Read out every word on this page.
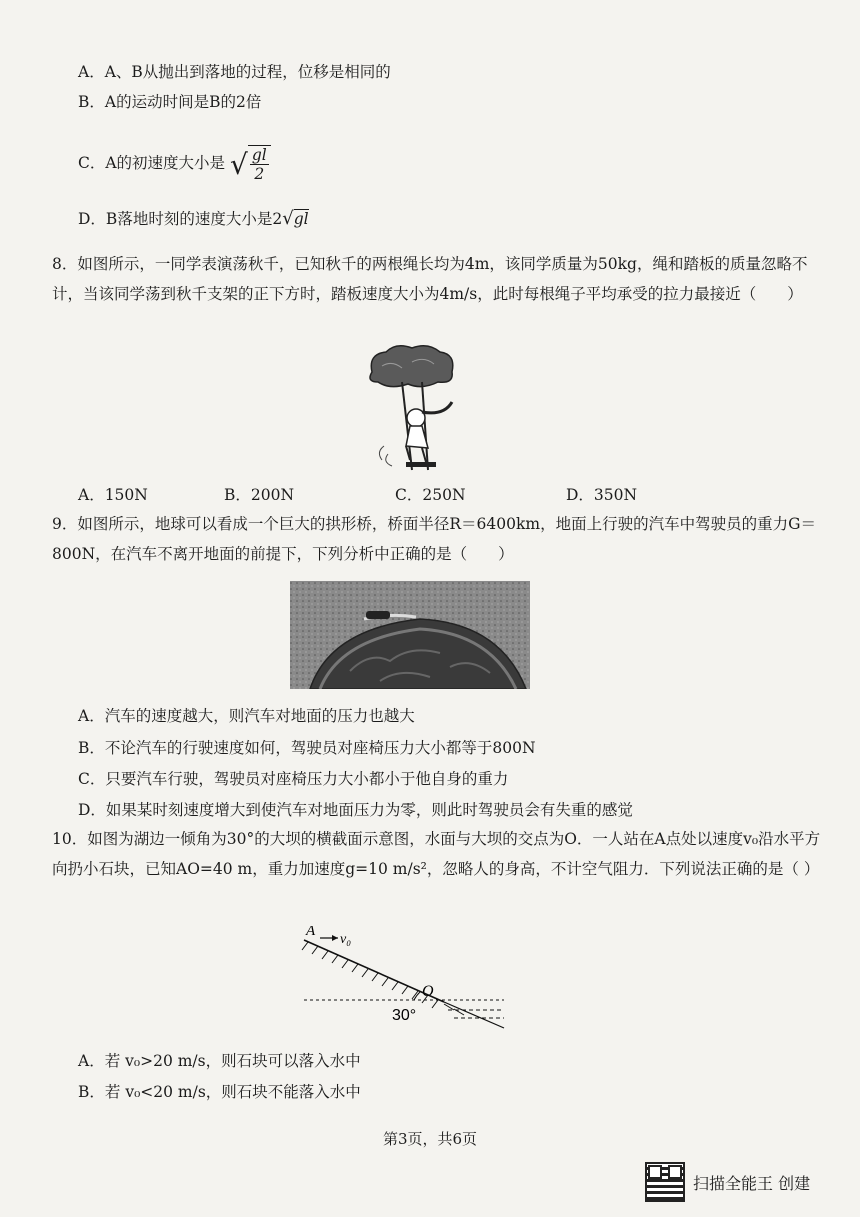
A．A、B从抛出到落地的过程，位移是相同的
B．A的运动时间是B的2倍
C．A的初速度大小是 √ $\frac{gl}{2}$
D．B落地时刻的速度大小是2√gl
8．如图所示，一同学表演荡秋千，已知秋千的两根绳长均为4m，该同学质量为50kg，绳和踏板的质量忽略不计，当该同学荡到秋千支架的正下方时，踏板速度大小为4m/s，此时每根绳子平均承受的拉力最接近（　　）
A．150N	B．200N	C．250N	D．350N
9．如图所示，地球可以看成一个巨大的拱形桥，桥面半径R＝6400km，地面上行驶的汽车中驾驶员的重力G＝800N，在汽车不离开地面的前提下，下列分析中正确的是（　　）
A．汽车的速度越大，则汽车对地面的压力也越大
B．不论汽车的行驶速度如何，驾驶员对座椅压力大小都等于800N
C．只要汽车行驶，驾驶员对座椅压力大小都小于他自身的重力
D．如果某时刻速度增大到使汽车对地面压力为零，则此时驾驶员会有失重的感觉
10．如图为湖边一倾角为30°的大坝的横截面示意图，水面与大坝的交点为O．一人站在A点处以速度v₀沿水平方向扔小石块，已知AO=40 m，重力加速度g=10 m/s²，忽略人的身高，不计空气阻力．下列说法正确的是（ ）
A
v₀
O
30°
A．若 v₀>20 m/s，则石块可以落入水中
B．若 v₀<20 m/s，则石块不能落入水中
第3页，共6页
扫描全能王 创建
